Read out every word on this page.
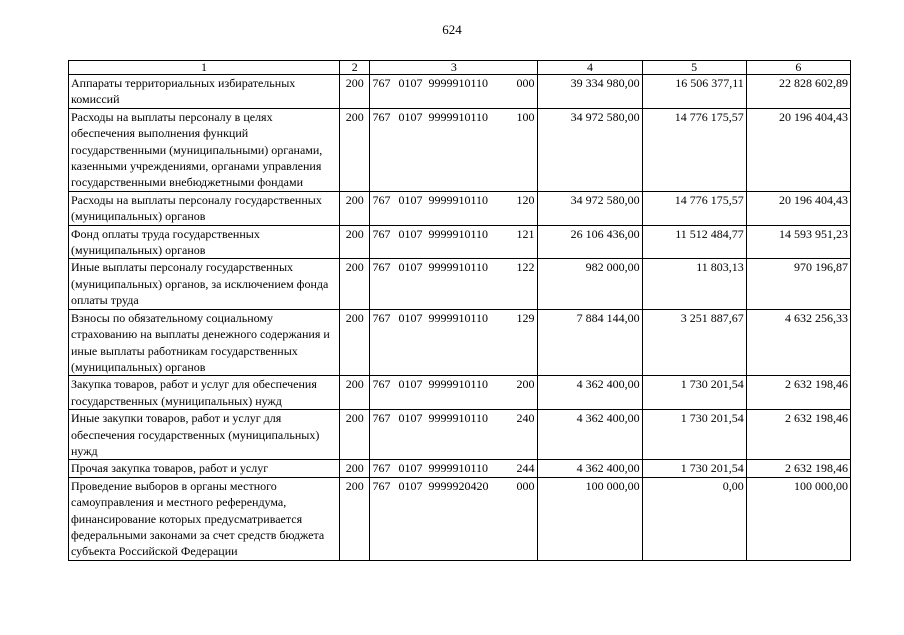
624
1	2	3	4	5	6
Аппараты территориальных избирательных комиссий	200	767 0107 9999910110 000	39 334 980,00	16 506 377,11	22 828 602,89
Расходы на выплаты персоналу в целях обеспечения выполнения функций государственными (муниципальными) органами, казенными учреждениями, органами управления государственными внебюджетными фондами	200	767 0107 9999910110 100	34 972 580,00	14 776 175,57	20 196 404,43
Расходы на выплаты персоналу государственных (муниципальных) органов	200	767 0107 9999910110 120	34 972 580,00	14 776 175,57	20 196 404,43
Фонд оплаты труда государственных (муниципальных) органов	200	767 0107 9999910110 121	26 106 436,00	11 512 484,77	14 593 951,23
Иные выплаты персоналу государственных (муниципальных) органов, за исключением фонда оплаты труда	200	767 0107 9999910110 122	982 000,00	11 803,13	970 196,87
Взносы по обязательному социальному страхованию на выплаты денежного содержания и иные выплаты работникам государственных (муниципальных) органов	200	767 0107 9999910110 129	7 884 144,00	3 251 887,67	4 632 256,33
Закупка товаров, работ и услуг для обеспечения государственных (муниципальных) нужд	200	767 0107 9999910110 200	4 362 400,00	1 730 201,54	2 632 198,46
Иные закупки товаров, работ и услуг для обеспечения государственных (муниципальных) нужд	200	767 0107 9999910110 240	4 362 400,00	1 730 201,54	2 632 198,46
Прочая закупка товаров, работ и услуг	200	767 0107 9999910110 244	4 362 400,00	1 730 201,54	2 632 198,46
Проведение выборов в органы местного самоуправления и местного референдума, финансирование которых предусматривается федеральными законами за счет средств бюджета субъекта Российской Федерации	200	767 0107 9999920420 000	100 000,00	0,00	100 000,00
